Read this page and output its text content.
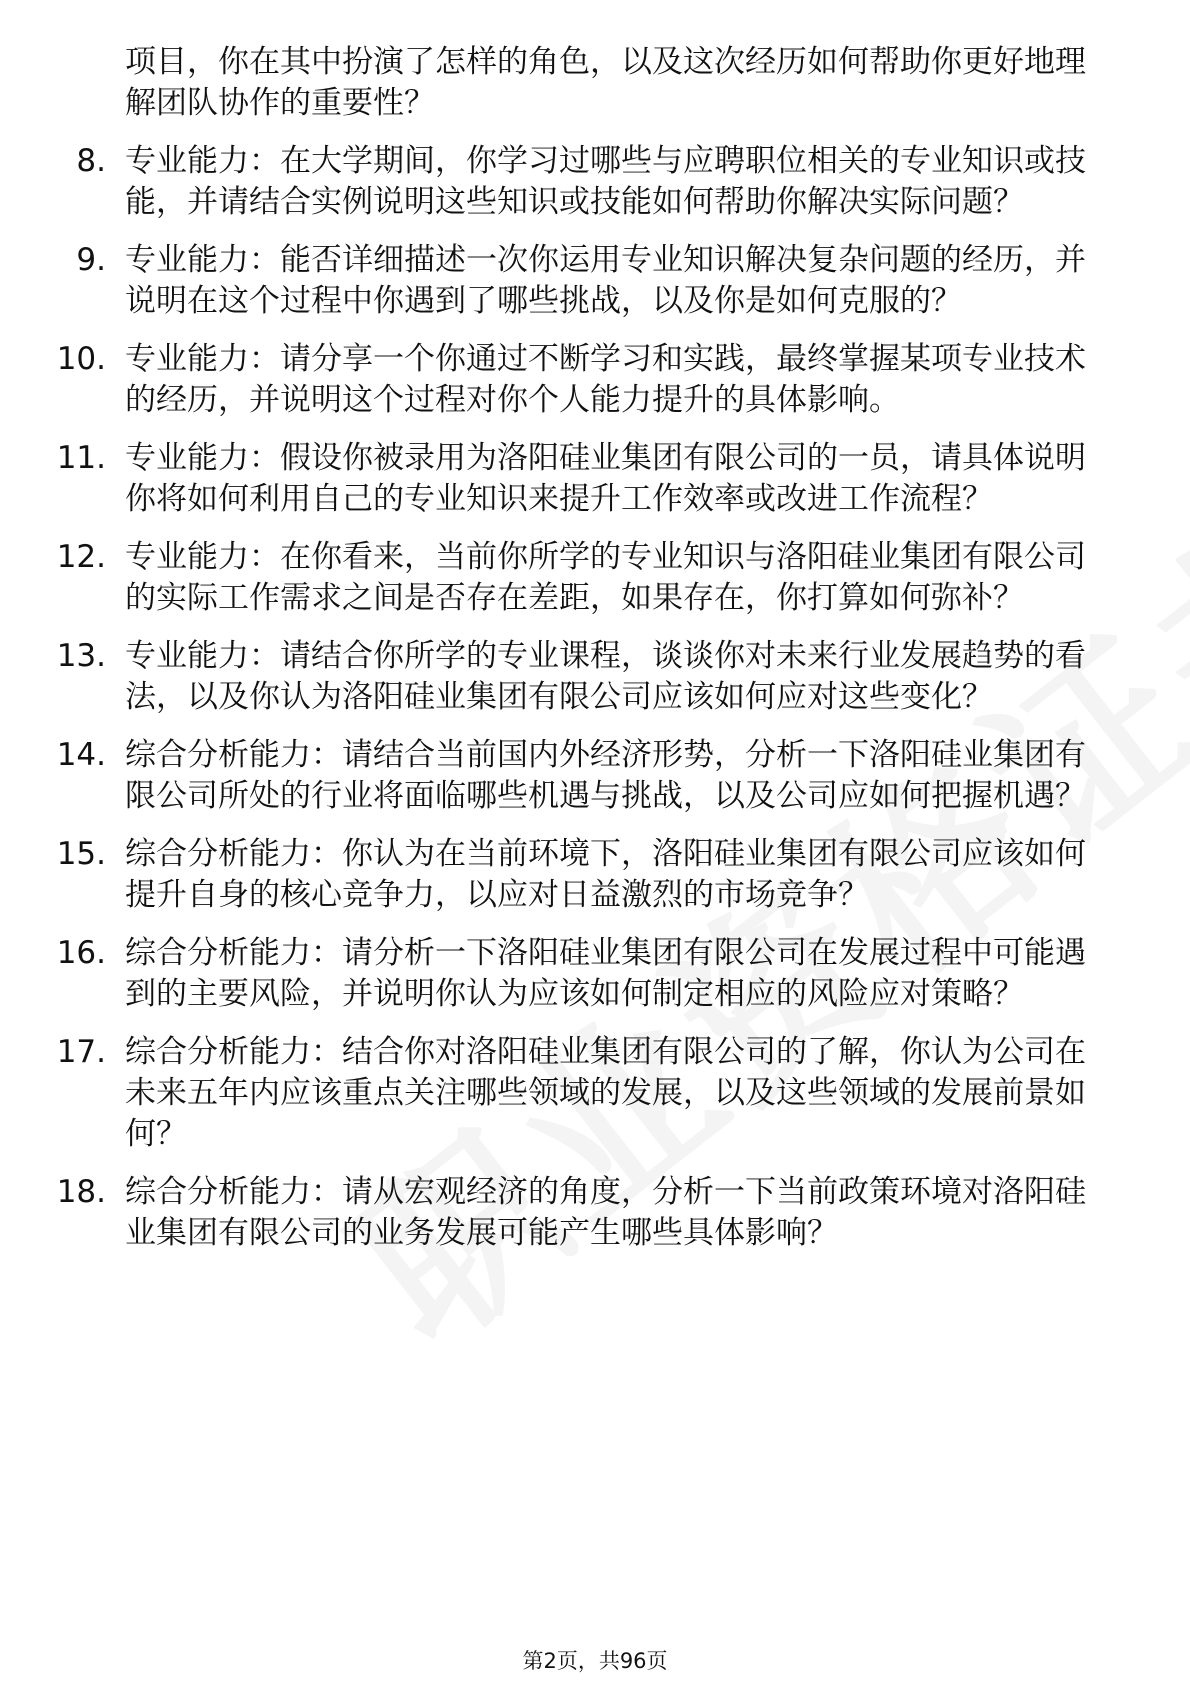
项目，你在其中扮演了怎样的角色，以及这次经历如何帮助你更好地理解团队协作的重要性？
8. 专业能力：在大学期间，你学习过哪些与应聘职位相关的专业知识或技能，并请结合实例说明这些知识或技能如何帮助你解决实际问题？
9. 专业能力：能否详细描述一次你运用专业知识解决复杂问题的经历，并说明在这个过程中你遇到了哪些挑战，以及你是如何克服的？
10. 专业能力：请分享一个你通过不断学习和实践，最终掌握某项专业技术的经历，并说明这个过程对你个人能力提升的具体影响。
11. 专业能力：假设你被录用为洛阳硅业集团有限公司的一员，请具体说明你将如何利用自己的专业知识来提升工作效率或改进工作流程？
12. 专业能力：在你看来，当前你所学的专业知识与洛阳硅业集团有限公司的实际工作需求之间是否存在差距，如果存在，你打算如何弥补？
13. 专业能力：请结合你所学的专业课程，谈谈你对未来行业发展趋势的看法，以及你认为洛阳硅业集团有限公司应该如何应对这些变化？
14. 综合分析能力：请结合当前国内外经济形势，分析一下洛阳硅业集团有限公司所处的行业将面临哪些机遇与挑战，以及公司应如何把握机遇？
15. 综合分析能力：你认为在当前环境下，洛阳硅业集团有限公司应该如何提升自身的核心竞争力，以应对日益激烈的市场竞争？
16. 综合分析能力：请分析一下洛阳硅业集团有限公司在发展过程中可能遇到的主要风险，并说明你认为应该如何制定相应的风险应对策略？
17. 综合分析能力：结合你对洛阳硅业集团有限公司的了解，你认为公司在未来五年内应该重点关注哪些领域的发展，以及这些领域的发展前景如何？
18. 综合分析能力：请从宏观经济的角度，分析一下当前政策环境对洛阳硅业集团有限公司的业务发展可能产生哪些具体影响？
第2页，共96页
